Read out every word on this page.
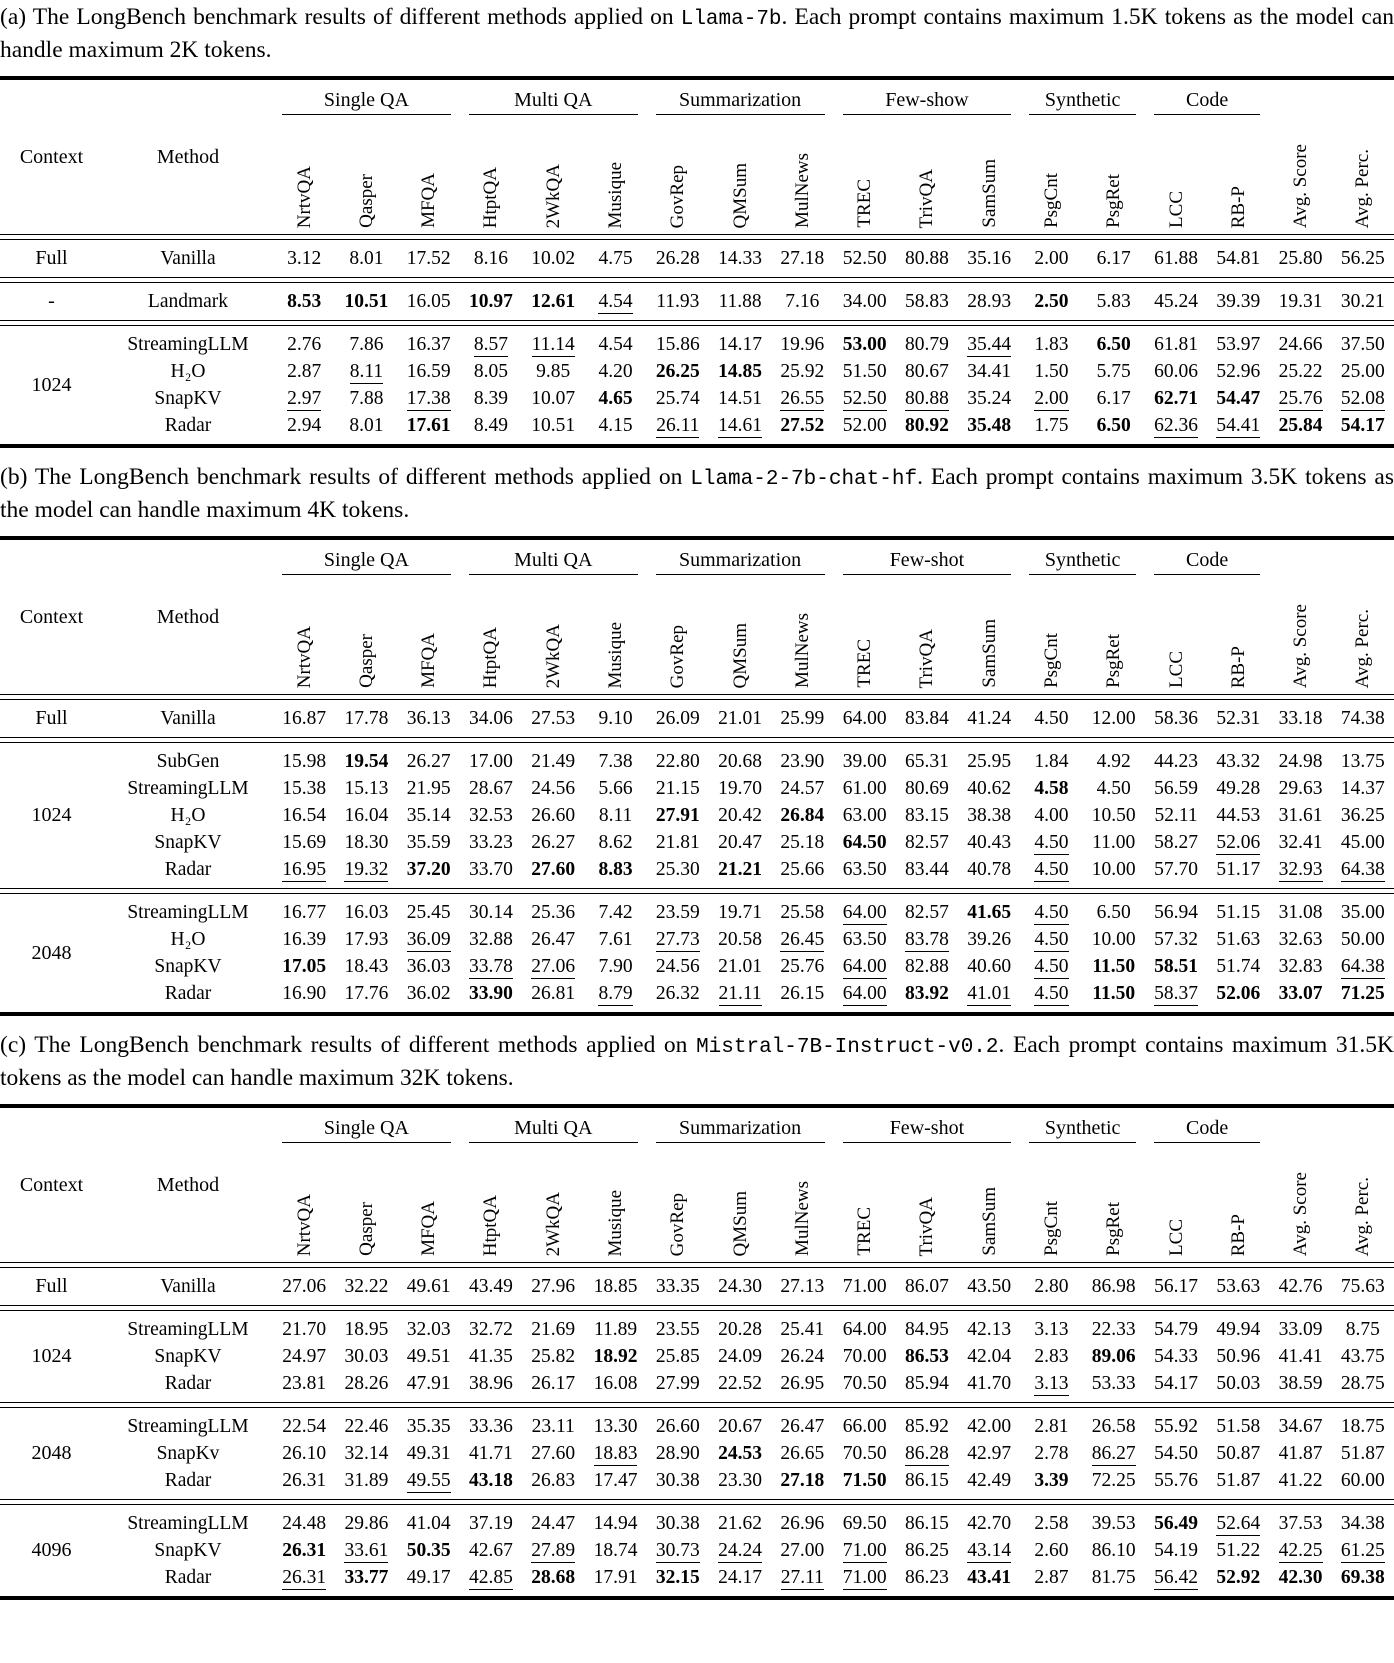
(a) The LongBench benchmark results of different methods applied on Llama-7b. Each prompt contains maximum 1.5K tokens as the model can handle maximum 2K tokens.

Context	Method
Single QA	Multi QA	Summarization	Few-show	Synthetic	Code
NrtvQA Qasper MFQA HtptQA 2WkQA Musique GovRep QMSum MulNews TREC TrivQA SamSum PsgCnt PsgRet LCC RB-P Avg. Score Avg. Perc.
Full	Vanilla	3.12	8.01	17.52	8.16	10.02	4.75	26.28 14.33 27.18 52.50 80.88 35.16	2.00	6.17	61.88 54.81 25.80 56.25
-	Landmark	8.53	10.51 16.05 10.97 12.61	4.54	11.93 11.88	7.16	34.00 58.83 28.93	2.50	5.83	45.24 39.39 19.31 30.21
1024
StreamingLLM	2.76	7.86	16.37	8.57	11.14	4.54	15.86 14.17 19.96 53.00 80.79 35.44	1.83	6.50	61.81 53.97 24.66 37.50
H₂O	2.87	8.11	16.59	8.05	9.85	4.20	26.25 14.85 25.92 51.50 80.67 34.41	1.50	5.75	60.06 52.96 25.22 25.00
SnapKV	2.97	7.88	17.38	8.39	10.07	4.65	25.74 14.51 26.55 52.50 80.88 35.24	2.00	6.17	62.71 54.47 25.76 52.08
Radar	2.94	8.01	17.61	8.49	10.51	4.15	26.11 14.61 27.52 52.00 80.92 35.48	1.75	6.50	62.36 54.41 25.84 54.17

(b) The LongBench benchmark results of different methods applied on Llama-2-7b-chat-hf. Each prompt contains maximum 3.5K tokens as the model can handle maximum 4K tokens.

Context	Method
Single QA	Multi QA	Summarization	Few-shot	Synthetic	Code
NrtvQA Qasper MFQA HtptQA 2WkQA Musique GovRep QMSum MulNews TREC TrivQA SamSum PsgCnt PsgRet LCC RB-P Avg. Score Avg. Perc.
Full	Vanilla	16.87 17.78 36.13 34.06 27.53	9.10	26.09 21.01 25.99 64.00 83.84 41.24	4.50	12.00 58.36 52.31 33.18 74.38
1024
SubGen	15.98 19.54 26.27 17.00 21.49	7.38	22.80 20.68 23.90 39.00 65.31 25.95	1.84	4.92	44.23 43.32 24.98 13.75
StreamingLLM	15.38 15.13 21.95 28.67 24.56	5.66	21.15 19.70 24.57 61.00 80.69 40.62	4.58	4.50	56.59 49.28 29.63 14.37
H₂O	16.54 16.04 35.14 32.53 26.60	8.11	27.91 20.42 26.84 63.00 83.15 38.38	4.00	10.50 52.11 44.53 31.61 36.25
SnapKV	15.69 18.30 35.59 33.23 26.27	8.62	21.81 20.47 25.18 64.50 82.57 40.43	4.50	11.00 58.27 52.06 32.41 45.00
Radar	16.95 19.32 37.20 33.70 27.60	8.83	25.30 21.21 25.66 63.50 83.44 40.78	4.50	10.00 57.70 51.17 32.93 64.38
2048
StreamingLLM	16.77 16.03 25.45 30.14 25.36	7.42	23.59 19.71 25.58 64.00 82.57 41.65	4.50	6.50	56.94 51.15 31.08 35.00
H₂O	16.39 17.93 36.09 32.88 26.47	7.61	27.73 20.58 26.45 63.50 83.78 39.26	4.50	10.00 57.32 51.63 32.63 50.00
SnapKV	17.05 18.43 36.03 33.78 27.06	7.90	24.56 21.01 25.76 64.00 82.88 40.60	4.50	11.50 58.51 51.74 32.83 64.38
Radar	16.90 17.76 36.02 33.90 26.81	8.79	26.32 21.11 26.15 64.00 83.92 41.01	4.50	11.50 58.37 52.06 33.07 71.25

(c) The LongBench benchmark results of different methods applied on Mistral-7B-Instruct-v0.2. Each prompt contains maximum 31.5K tokens as the model can handle maximum 32K tokens.

Context	Method
Single QA	Multi QA	Summarization	Few-shot	Synthetic	Code
NrtvQA Qasper MFQA HtptQA 2WkQA Musique GovRep QMSum MulNews TREC TrivQA SamSum PsgCnt PsgRet LCC RB-P Avg. Score Avg. Perc.
Full	Vanilla	27.06 32.22 49.61 43.49 27.96 18.85 33.35 24.30 27.13 71.00 86.07 43.50	2.80	86.98 56.17 53.63 42.76 75.63
1024
StreamingLLM	21.70 18.95 32.03 32.72 21.69 11.89 23.55 20.28 25.41 64.00 84.95 42.13	3.13	22.33 54.79 49.94 33.09	8.75
SnapKV	24.97 30.03 49.51 41.35 25.82 18.92 25.85 24.09 26.24 70.00 86.53 42.04	2.83	89.06 54.33 50.96 41.41 43.75
Radar	23.81 28.26 47.91 38.96 26.17 16.08 27.99 22.52 26.95 70.50 85.94 41.70	3.13	53.33 54.17 50.03 38.59 28.75
2048
StreamingLLM	22.54 22.46 35.35 33.36 23.11 13.30 26.60 20.67 26.47 66.00 85.92 42.00	2.81	26.58 55.92 51.58 34.67 18.75
SnapKv	26.10 32.14 49.31 41.71 27.60 18.83 28.90 24.53 26.65 70.50 86.28 42.97	2.78	86.27 54.50 50.87 41.87 51.87
Radar	26.31 31.89 49.55 43.18 26.83 17.47 30.38 23.30 27.18 71.50 86.15 42.49	3.39	72.25 55.76 51.87 41.22 60.00
4096
StreamingLLM	24.48 29.86 41.04 37.19 24.47 14.94 30.38 21.62 26.96 69.50 86.15 42.70	2.58	39.53 56.49 52.64 37.53 34.38
SnapKV	26.31 33.61 50.35 42.67 27.89 18.74 30.73 24.24 27.00 71.00 86.25 43.14	2.60	86.10 54.19 51.22 42.25 61.25
Radar	26.31 33.77 49.17 42.85 28.68 17.91 32.15 24.17 27.11 71.00 86.23 43.41	2.87	81.75 56.42 52.92 42.30 69.38
